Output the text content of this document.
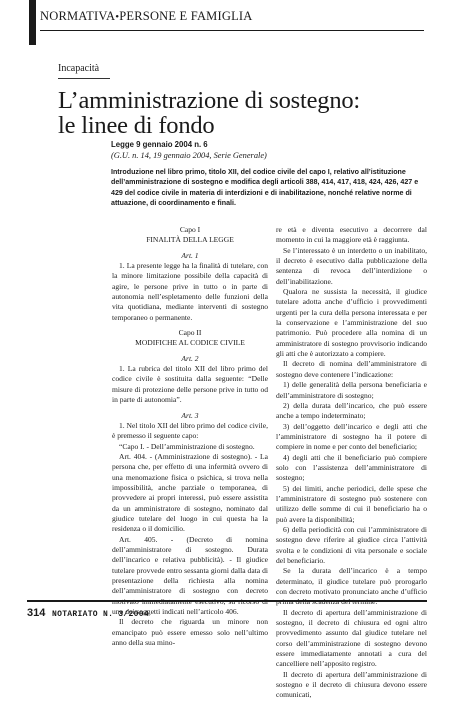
NORMATIVA•PERSONE E FAMIGLIA
Incapacità
L’amministrazione di sostegno:
le linee di fondo
Legge 9 gennaio 2004 n. 6
(G.U. n. 14, 19 gennaio 2004, Serie Generale)
Introduzione nel libro primo, titolo XII, del codice civile del capo I, relativo all’istituzione dell’amministrazione di sostegno e modifica degli articoli 388, 414, 417, 418, 424, 426, 427 e 429 del codice civile in materia di interdizioni e di inabilitazione, nonché relative norme di attuazione, di coordinamento e finali.

Capo I

FINALITÀ DELLA LEGGE

Art. 1

1. La presente legge ha la finalità di tutelare, con la minore limitazione possibile della capacità di agire, le persone prive in tutto o in parte di autonomia nell’espletamento delle funzioni della vita quotidiana, mediante interventi di sostegno temporaneo o permanente.

Capo II

MODIFICHE AL CODICE CIVILE

Art. 2

1. La rubrica del titolo XII del libro primo del codice civile è sostituita dalla seguente: “Delle misure di protezione delle persone prive in tutto od in parte di autonomia”.

Art. 3

1. Nel titolo XII del libro primo del codice civile, è premesso il seguente capo:

“Capo I. - Dell’amministrazione di sostegno.

Art. 404. - (Amministrazione di sostegno). - La persona che, per effetto di una infermità ovvero di una menomazione fisica o psichica, si trova nella impossibilità, anche parziale o temporanea, di provvedere ai propri interessi, può essere assistita da un amministratore di sostegno, nominato dal giudice tutelare del luogo in cui questa ha la residenza o il domicilio.

Art. 405. - (Decreto di nomina dell’amministratore di sostegno. Durata dell’incarico e relativa pubblicità). - Il giudice tutelare provvede entro sessanta giorni dalla data di presentazione della richiesta alla nomina dell’amministratore di sostegno con decreto motivato immediatamente esecutivo, su ricorso di uno dei soggetti indicati nell’articolo 406.

Il decreto che riguarda un minore non emancipato può essere emesso solo nell’ultimo anno della sua mino-

re età e diventa esecutivo a decorrere dal momento in cui la maggiore età è raggiunta.

Se l’interessato è un interdetto o un inabilitato, il decreto è esecutivo dalla pubblicazione della sentenza di revoca dell’interdizione o dell’inabilitazione.

Qualora ne sussista la necessità, il giudice tutelare adotta anche d’ufficio i provvedimenti urgenti per la cura della persona interessata e per la conservazione e l’amministrazione del suo patrimonio. Può procedere alla nomina di un amministratore di sostegno provvisorio indicando gli atti che è autorizzato a compiere.

Il decreto di nomina dell’amministratore di sostegno deve contenere l’indicazione:

1) delle generalità della persona beneficiaria e dell’amministratore di sostegno;

2) della durata dell’incarico, che può essere anche a tempo indeterminato;

3) dell’oggetto dell’incarico e degli atti che l’amministratore di sostegno ha il potere di compiere in nome e per conto del beneficiario;

4) degli atti che il beneficiario può compiere solo con l’assistenza dell’amministratore di sostegno;

5) dei limiti, anche periodici, delle spese che l’amministratore di sostegno può sostenere con utilizzo delle somme di cui il beneficiario ha o può avere la disponibilità;

6) della periodicità con cui l’amministratore di sostegno deve riferire al giudice circa l’attività svolta e le condizioni di vita personale e sociale del beneficiario.

Se la durata dell’incarico è a tempo determinato, il giudice tutelare può prorogarlo con decreto motivato pronunciato anche d’ufficio prima della scadenza del termine.

Il decreto di apertura dell’amministrazione di sostegno, il decreto di chiusura ed ogni altro provvedimento assunto dal giudice tutelare nel corso dell’amministrazione di sostegno devono essere immediatamente annotati a cura del cancelliere nell’apposito registro.

Il decreto di apertura dell’amministrazione di sostegno e il decreto di chiusura devono essere comunicati,

314 NOTARIATO N. 3/2004
